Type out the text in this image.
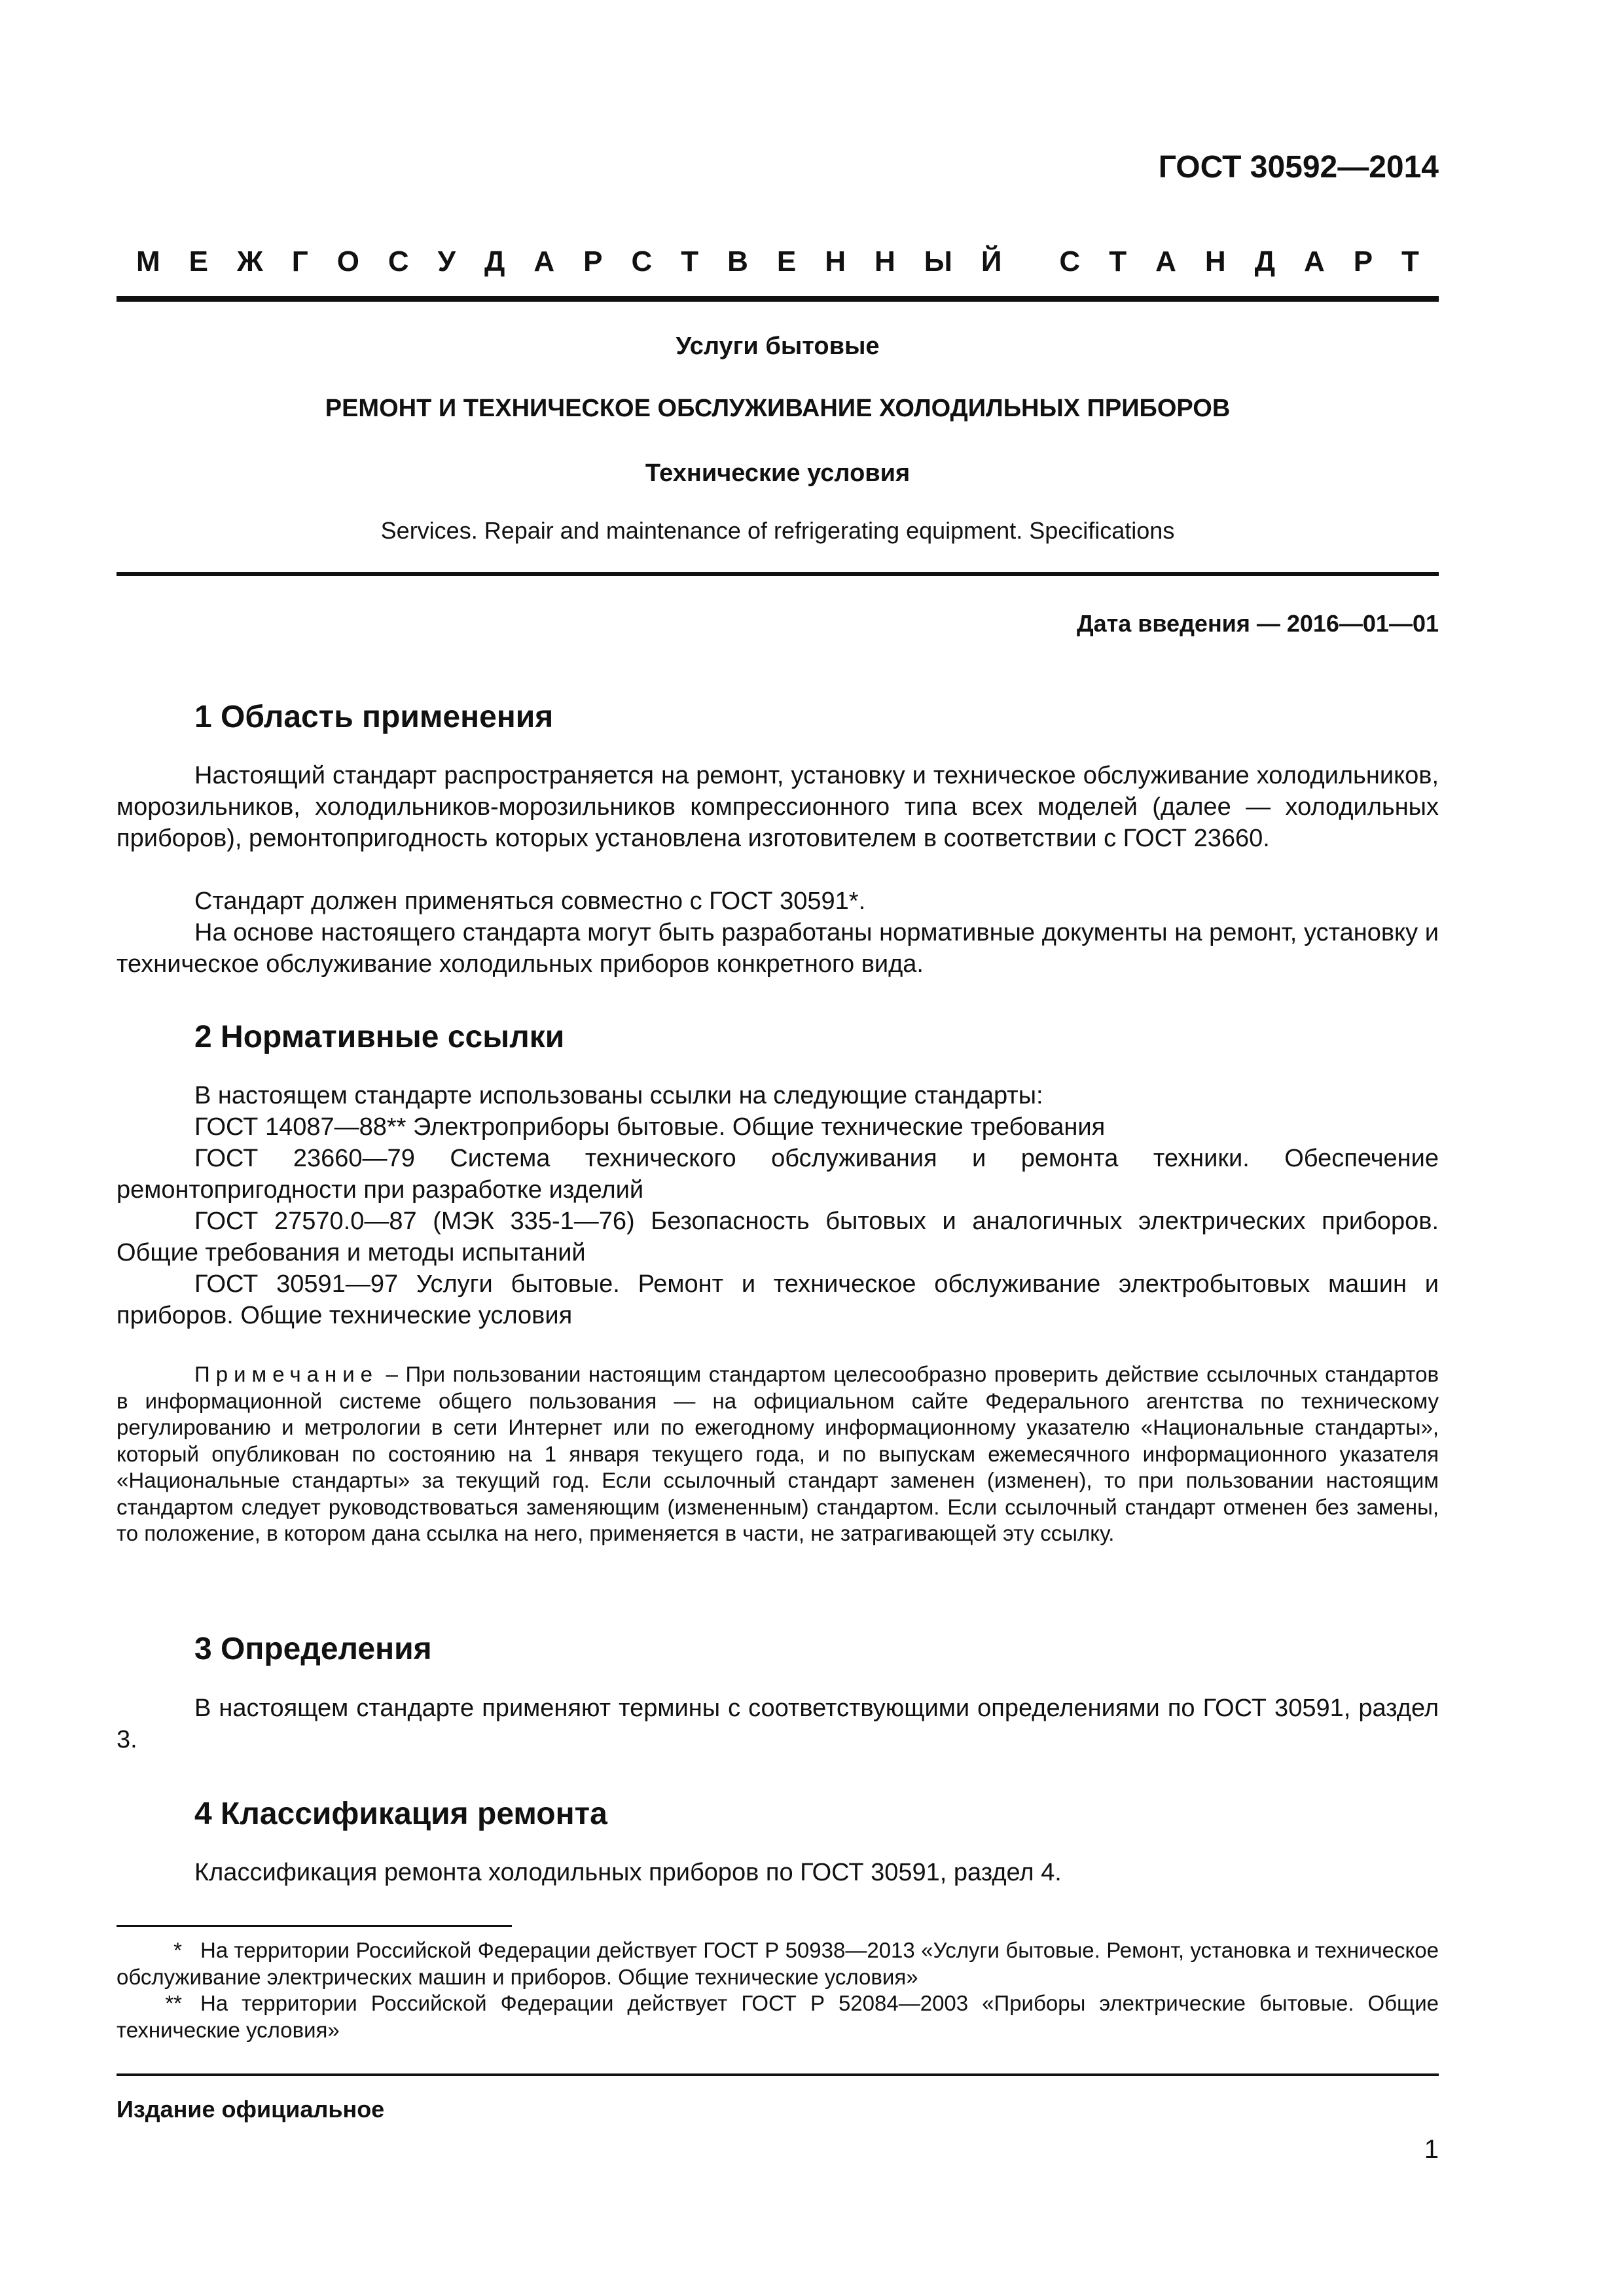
ГОСТ 30592—2014
М Е Ж Г О С У Д А Р С Т В Е Н Н Ы Й С Т А Н Д А Р Т
Услуги бытовые
РЕМОНТ И ТЕХНИЧЕСКОЕ ОБСЛУЖИВАНИЕ ХОЛОДИЛЬНЫХ ПРИБОРОВ
Технические условия
Services. Repair and maintenance of refrigerating equipment. Specifications
Дата введения — 2016—01—01
1 Область применения

Настоящий стандарт распространяется на ремонт, установку и техническое обслуживание холодильников, морозильников, холодильников-морозильников компрессионного типа всех моделей (далее — холодильных приборов), ремонтопригодность которых установлена изготовителем в соответствии с ГОСТ 23660.

Стандарт должен применяться совместно с ГОСТ 30591*.

На основе настоящего стандарта могут быть разработаны нормативные документы на ремонт, установку и техническое обслуживание холодильных приборов конкретного вида.

2 Нормативные ссылки

В настоящем стандарте использованы ссылки на следующие стандарты:

ГОСТ 14087—88** Электроприборы бытовые. Общие технические требования

ГОСТ 23660—79 Система технического обслуживания и ремонта техники. Обеспечение ремонтопригодности при разработке изделий

ГОСТ 27570.0—87 (МЭК 335-1—76) Безопасность бытовых и аналогичных электрических приборов. Общие требования и методы испытаний

ГОСТ 30591—97 Услуги бытовые. Ремонт и техническое обслуживание электробытовых машин и приборов. Общие технические условия

Примечание – При пользовании настоящим стандартом целесообразно проверить действие ссылочных стандартов в информационной системе общего пользования — на официальном сайте Федерального агентства по техническому регулированию и метрологии в сети Интернет или по ежегодному информационному указателю «Национальные стандарты», который опубликован по состоянию на 1 января текущего года, и по выпускам ежемесячного информационного указателя «Национальные стандарты» за текущий год. Если ссылочный стандарт заменен (изменен), то при пользовании настоящим стандартом следует руководствоваться заменяющим (измененным) стандартом. Если ссылочный стандарт отменен без замены, то положение, в котором дана ссылка на него, применяется в части, не затрагивающей эту ссылку.

3 Определения

В настоящем стандарте применяют термины с соответствующими определениями по ГОСТ 30591, раздел 3.

4 Классификация ремонта

Классификация ремонта холодильных приборов по ГОСТ 30591, раздел 4.

* На территории Российской Федерации действует ГОСТ Р 50938—2013 «Услуги бытовые. Ремонт, установка и техническое обслуживание электрических машин и приборов. Общие технические условия»

** На территории Российской Федерации действует ГОСТ Р 52084—2003 «Приборы электрические бытовые. Общие технические условия»

Издание официальное
1
